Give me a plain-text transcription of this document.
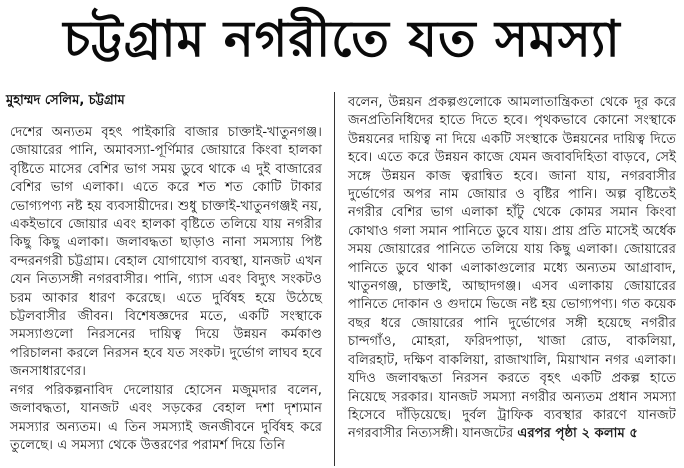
চট্টগ্রাম নগরীতে যত সমস্যা
মুহাম্মদ সেলিম, চট্টগ্রাম

দেশের অন্যতম বৃহৎ পাইকারি বাজার চাক্তাই-খাতুনগঞ্জ। জোয়ারের পানি, অমাবস্যা-পূর্ণিমার জোয়ারে কিংবা হালকা বৃষ্টিতে মাসের বেশির ভাগ সময় ডুবে থাকে এ দুই বাজারের বেশির ভাগ এলাকা। এতে করে শত শত কোটি টাকার ভোগ্যপণ্য নষ্ট হয় ব্যবসায়ীদের। শুধু চাক্তাই-খাতুনগঞ্জই নয়, একইভাবে জোয়ার এবং হালকা বৃষ্টিতে তলিয়ে যায় নগরীর কিছু কিছু এলাকা। জলাবদ্ধতা ছাড়াও নানা সমস্যায় পিষ্ট বন্দরনগরী চট্টগ্রাম। বেহাল যোগাযোগ ব্যবস্থা, যানজট এখন যেন নিত্যসঙ্গী নগরবাসীর। পানি, গ্যাস এবং বিদ্যুৎ সংকটও চরম আকার ধারণ করেছে। এতে দুর্বিষহ হয়ে উঠেছে চট্টলবাসীর জীবন। বিশেষজ্ঞদের মতে, একটি সংস্থাকে সমস্যাগুলো নিরসনের দায়িত্ব দিয়ে উন্নয়ন কর্মকাণ্ড পরিচালনা করলে নিরসন হবে যত সংকট। দুর্ভোগ লাঘব হবে জনসাধারণের।

নগর পরিকল্পনাবিদ দেলোয়ার হোসেন মজুমদার বলেন, জলাবদ্ধতা, যানজট এবং সড়কের বেহাল দশা দৃশ্যমান সমস্যার অন্যতম। এ তিন সমস্যাই জনজীবনে দুর্বিষহ করে তুলেছে। এ সমস্যা থেকে উত্তরণের পরামর্শ দিয়ে তিনি

বলেন, উন্নয়ন প্রকল্পগুলোকে আমলাতান্ত্রিকতা থেকে দূর করে জনপ্রতিনিধিদের হাতে দিতে হবে। পৃথকভাবে কোনো সংস্থাকে উন্নয়নের দায়িত্ব না দিয়ে একটি সংস্থাকে উন্নয়নের দায়িত্ব দিতে হবে। এতে করে উন্নয়ন কাজে যেমন জবাবদিহিতা বাড়বে, সেই সঙ্গে উন্নয়ন কাজ ত্বরান্বিত হবে। জানা যায়, নগরবাসীর দুর্ভোগের অপর নাম জোয়ার ও বৃষ্টির পানি। অল্প বৃষ্টিতেই নগরীর বেশির ভাগ এলাকা হাঁটু থেকে কোমর সমান কিংবা কোথাও গলা সমান পানিতে ডুবে যায়। প্রায় প্রতি মাসেই অর্ধেক সময় জোয়ারের পানিতে তলিয়ে যায় কিছু এলাকা। জোয়ারের পানিতে ডুবে থাকা এলাকাগুলোর মধ্যে অন্যতম আগ্রাবাদ, খাতুনগঞ্জ, চাক্তাই, আছাদগঞ্জ। এসব এলাকায় জোয়ারের পানিতে দোকান ও গুদামে ভিজে নষ্ট হয় ভোগ্যপণ্য। গত কয়েক বছর ধরে জোয়ারের পানি দুর্ভোগের সঙ্গী হয়েছে নগরীর চান্দগাঁও, মোহরা, ফরিদপাড়া, খাজা রোড, বাকলিয়া, বলিরহাট, দক্ষিণ বাকলিয়া, রাজাখালি, মিয়াখান নগর এলাকা। যদিও জলাবদ্ধতা নিরসন করতে বৃহৎ একটি প্রকল্প হাতে নিয়েছে সরকার। যানজট সমস্যা নগরীর অন্যতম প্রধান সমস্যা হিসেবে দাঁড়িয়েছে। দুর্বল ট্রাফিক ব্যবস্থার কারণে যানজট নগরবাসীর নিত্যসঙ্গী। যানজটের এরপর পৃষ্ঠা ২ কলাম ৫
